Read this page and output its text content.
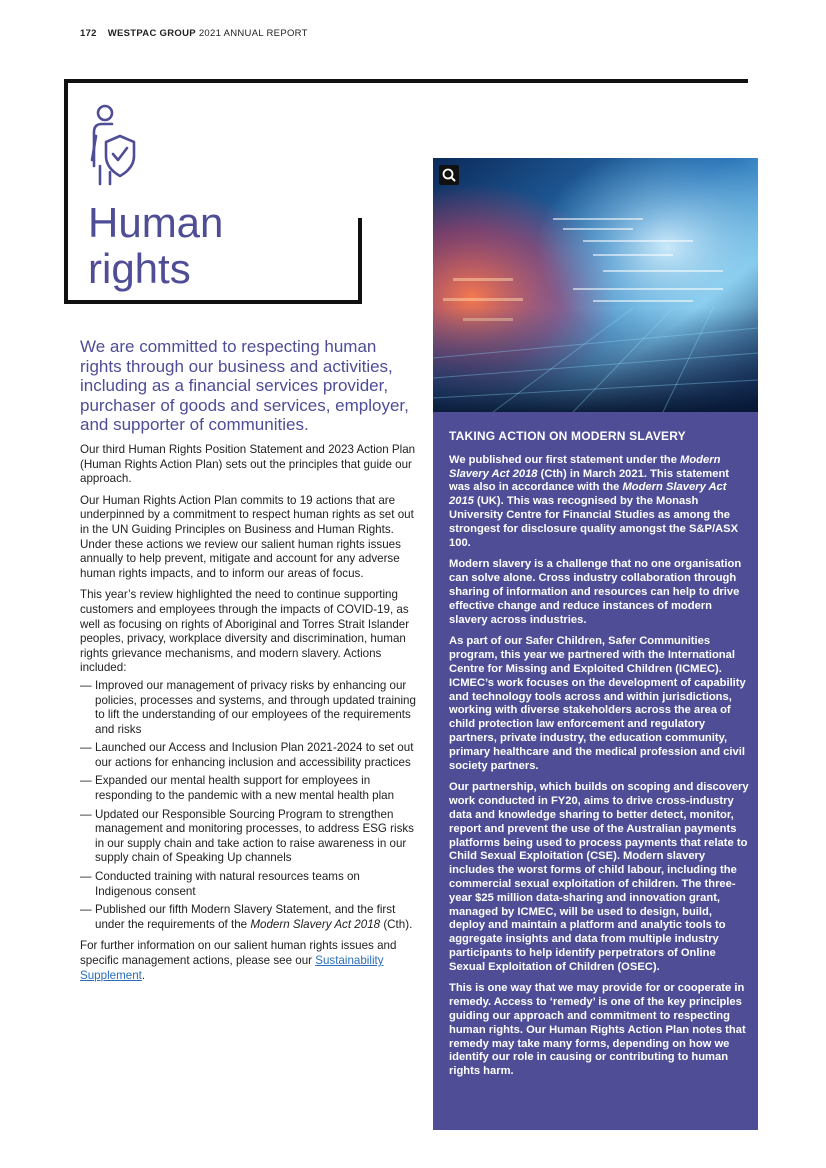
172 WESTPAC GROUP 2021 ANNUAL REPORT
Human
rights
We are committed to respecting human rights through our business and activities, including as a financial services provider, purchaser of goods and services, employer, and supporter of communities.

Our third Human Rights Position Statement and 2023 Action Plan (Human Rights Action Plan) sets out the principles that guide our approach.

Our Human Rights Action Plan commits to 19 actions that are underpinned by a commitment to respect human rights as set out in the UN Guiding Principles on Business and Human Rights. Under these actions we review our salient human rights issues annually to help prevent, mitigate and account for any adverse human rights impacts, and to inform our areas of focus.

This year’s review highlighted the need to continue supporting customers and employees through the impacts of COVID-19, as well as focusing on rights of Aboriginal and Torres Strait Islander peoples, privacy, workplace diversity and discrimination, human rights grievance mechanisms, and modern slavery. Actions included:

— Improved our management of privacy risks by enhancing our policies, processes and systems, and through updated training to lift the understanding of our employees of the requirements and risks
— Launched our Access and Inclusion Plan 2021-2024 to set out our actions for enhancing inclusion and accessibility practices
— Expanded our mental health support for employees in responding to the pandemic with a new mental health plan
— Updated our Responsible Sourcing Program to strengthen management and monitoring processes, to address ESG risks in our supply chain and take action to raise awareness in our supply chain of Speaking Up channels
— Conducted training with natural resources teams on Indigenous consent
— Published our fifth Modern Slavery Statement, and the first under the requirements of the Modern Slavery Act 2018 (Cth).

For further information on our salient human rights issues and specific management actions, please see our Sustainability Supplement.

TAKING ACTION ON MODERN SLAVERY

We published our first statement under the Modern Slavery Act 2018 (Cth) in March 2021. This statement was also in accordance with the Modern Slavery Act 2015 (UK). This was recognised by the Monash University Centre for Financial Studies as among the strongest for disclosure quality amongst the S&P/ASX 100.

Modern slavery is a challenge that no one organisation can solve alone. Cross industry collaboration through sharing of information and resources can help to drive effective change and reduce instances of modern slavery across industries.

As part of our Safer Children, Safer Communities program, this year we partnered with the International Centre for Missing and Exploited Children (ICMEC). ICMEC’s work focuses on the development of capability and technology tools across and within jurisdictions, working with diverse stakeholders across the area of child protection law enforcement and regulatory partners, private industry, the education community, primary healthcare and the medical profession and civil society partners.

Our partnership, which builds on scoping and discovery work conducted in FY20, aims to drive cross-industry data and knowledge sharing to better detect, monitor, report and prevent the use of the Australian payments platforms being used to process payments that relate to Child Sexual Exploitation (CSE). Modern slavery includes the worst forms of child labour, including the commercial sexual exploitation of children. The three-year $25 million data-sharing and innovation grant, managed by ICMEC, will be used to design, build, deploy and maintain a platform and analytic tools to aggregate insights and data from multiple industry participants to help identify perpetrators of Online Sexual Exploitation of Children (OSEC).

This is one way that we may provide for or cooperate in remedy. Access to ‘remedy’ is one of the key principles guiding our approach and commitment to respecting human rights. Our Human Rights Action Plan notes that remedy may take many forms, depending on how we identify our role in causing or contributing to human rights harm.
